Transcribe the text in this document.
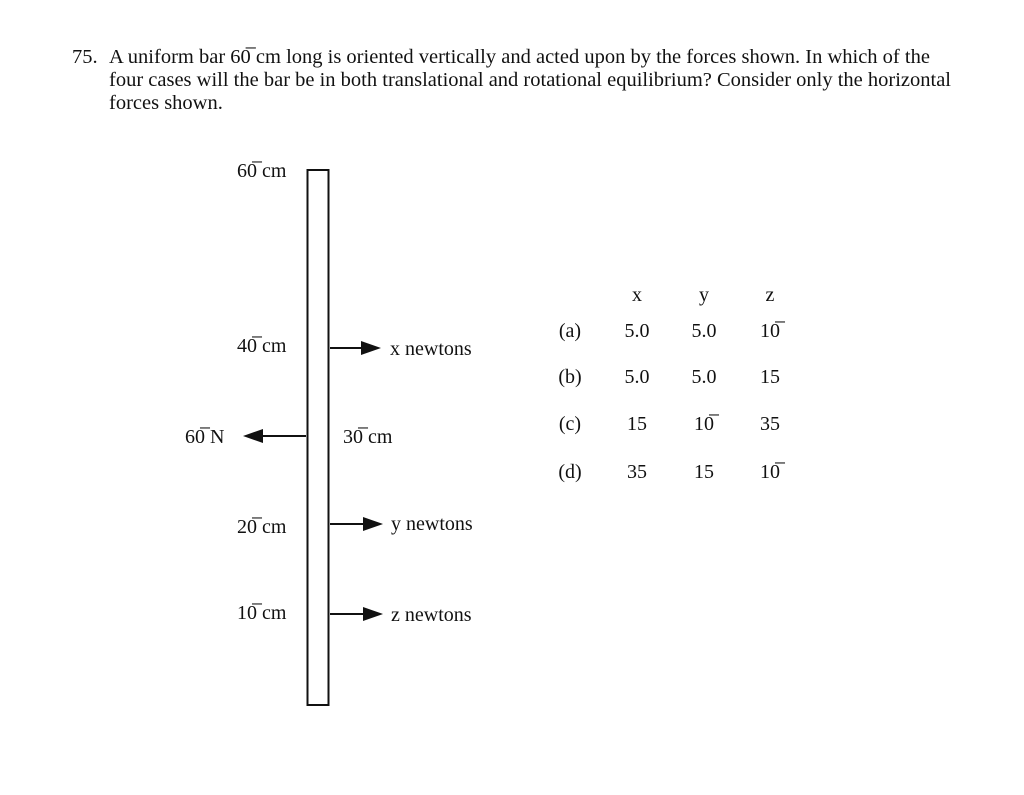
75. A uniform bar 60̅ cm long is oriented vertically and acted upon by the forces shown. In which of the four cases will the bar be in both translational and rotational equilibrium? Consider only the horizontal forces shown.
60̅ cm
40̅ cm
30̅ cm
20̅ cm
10̅ cm
x newtons
60̅ N
y newtons
z newtons
x	y	z
(a) 5.0 5.0 10̅
(b) 5.0 5.0 15
(c) 15 10̅	35
(d) 35 15 10̅
